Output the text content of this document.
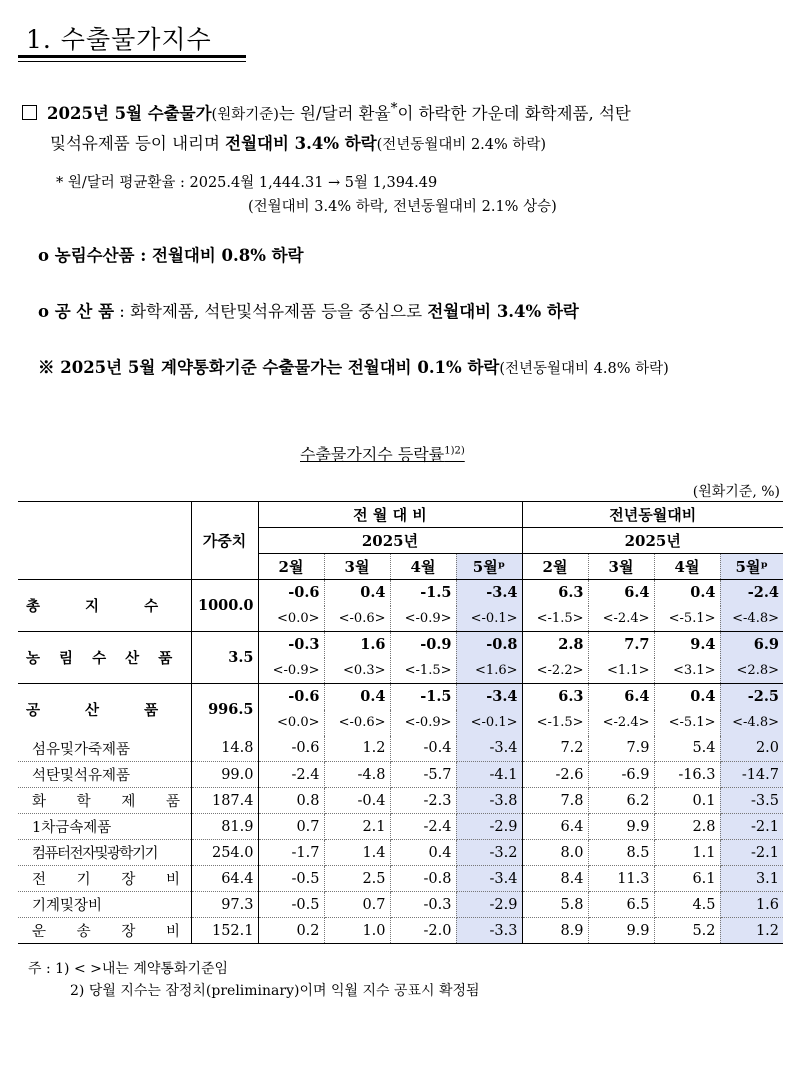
1. 수출물가지수
2025년 5월 수출물가(원화기준)는 원/달러 환율*이 하락한 가운데 화학제품, 석탄
및석유제품 등이 내리며 전월대비 3.4% 하락(전년동월대비 2.4% 하락)
* 원/달러 평균환율 : 2025.4월 1,444.31 → 5월 1,394.49
(전월대비 3.4% 하락, 전년동월대비 2.1% 상승)
o 농림수산품 : 전월대비 0.8% 하락
o 공 산 품 : 화학제품, 석탄및석유제품 등을 중심으로 전월대비 3.4% 하락
※ 2025년 5월 계약통화기준 수출물가는 전월대비 0.1% 하락(전년동월대비 4.8% 하락)
수출물가지수 등락률$^{1)2)}$
(원화기준, %)
	가중치	전 월 대 비				전년동월대비			
		2025년				2025년			
		2월	3월	4월	5월ᵖ	2월	3월	4월	5월ᵖ
총 지 수	1000.0	-0.6	0.4	-1.5	-3.4	6.3	6.4	0.4	-2.4
		<0.0>	<-0.6>	<-0.9>	<-0.1>	<-1.5>	<-2.4>	<-5.1>	<-4.8>
농 림 수 산 품	3.5	-0.3	1.6	-0.9	-0.8	2.8	7.7	9.4	6.9
		<-0.9>	<0.3>	<-1.5>	<1.6>	<-2.2>	<1.1>	<3.1>	<2.8>
공 산 품	996.5	-0.6	0.4	-1.5	-3.4	6.3	6.4	0.4	-2.5
		<0.0>	<-0.6>	<-0.9>	<-0.1>	<-1.5>	<-2.4>	<-5.1>	<-4.8>
섬유및가죽제품	14.8	-0.6	1.2	-0.4	-3.4	7.2	7.9	5.4	2.0
석탄및석유제품	99.0	-2.4	-4.8	-5.7	-4.1	-2.6	-6.9	-16.3	-14.7
화 학 제 품	187.4	0.8	-0.4	-2.3	-3.8	7.8	6.2	0.1	-3.5
1차금속제품	81.9	0.7	2.1	-2.4	-2.9	6.4	9.9	2.8	-2.1
컴퓨터전자및광학기기	254.0	-1.7	1.4	0.4	-3.2	8.0	8.5	1.1	-2.1
전 기 장 비	64.4	-0.5	2.5	-0.8	-3.4	8.4	11.3	6.1	3.1
기계및장비	97.3	-0.5	0.7	-0.3	-2.9	5.8	6.5	4.5	1.6
운 송 장 비	152.1	0.2	1.0	-2.0	-3.3	8.9	9.9	5.2	1.2
주 : 1) < >내는 계약통화기준임
2) 당월 지수는 잠정치(preliminary)이며 익월 지수 공표시 확정됨
